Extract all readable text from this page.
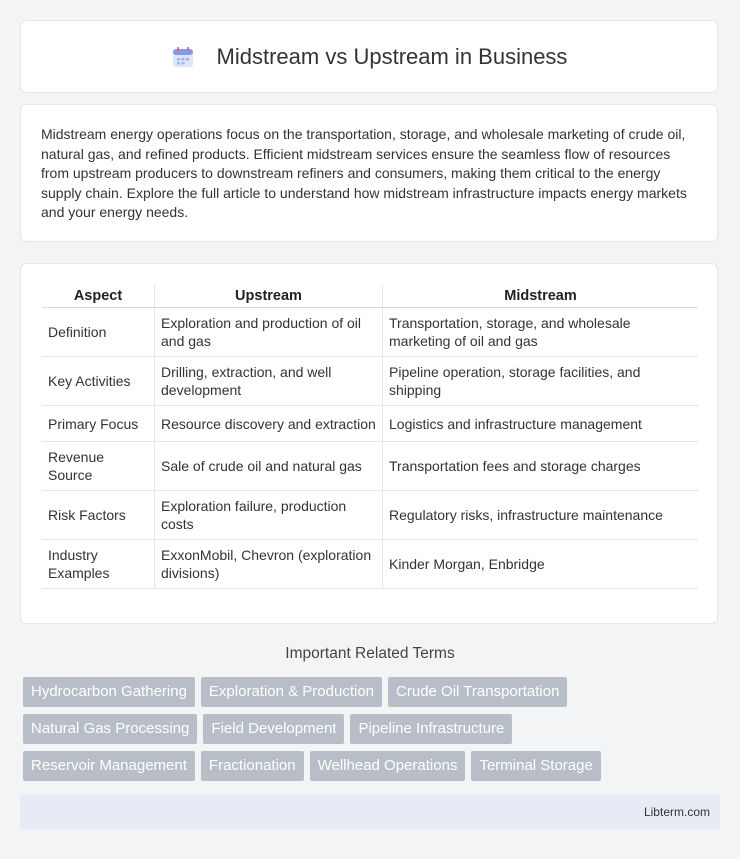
Midstream vs Upstream in Business

Midstream energy operations focus on the transportation, storage, and wholesale marketing of crude oil, natural gas, and refined products. Efficient midstream services ensure the seamless flow of resources from upstream producers to downstream refiners and consumers, making them critical to the energy supply chain. Explore the full article to understand how midstream infrastructure impacts energy markets and your energy needs.

Aspect	Upstream	Midstream
Definition	Exploration and production of oil and gas	Transportation, storage, and wholesale marketing of oil and gas
Key Activities	Drilling, extraction, and well development	Pipeline operation, storage facilities, and shipping
Primary Focus	Resource discovery and extraction	Logistics and infrastructure management
Revenue Source	Sale of crude oil and natural gas	Transportation fees and storage charges
Risk Factors	Exploration failure, production costs	Regulatory risks, infrastructure maintenance
Industry Examples	ExxonMobil, Chevron (exploration divisions)	Kinder Morgan, Enbridge
Important Related Terms
Hydrocarbon Gathering	Exploration & Production	Crude Oil Transportation
Natural Gas Processing	Field Development	Pipeline Infrastructure
Reservoir Management	Fractionation	Wellhead Operations	Terminal Storage
Libterm.com
